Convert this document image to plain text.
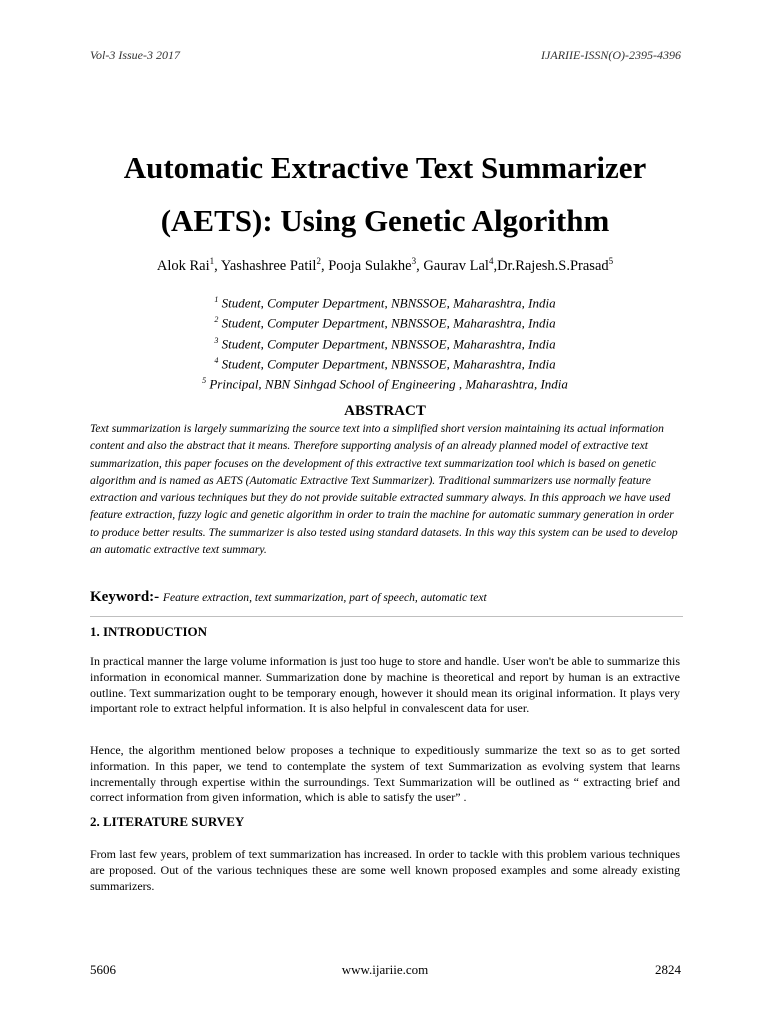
Vol-3 Issue-3 2017	IJARIIE-ISSN(O)-2395-4396
Automatic Extractive Text Summarizer
(AETS): Using Genetic Algorithm
Alok Rai$^1$, Yashashree Patil$^2$, Pooja Sulakhe$^3$, Gaurav Lal$^4$,Dr.Rajesh.S.Prasad$^5$
$^1$ Student, Computer Department, NBNSSOE, Maharashtra, India
$^2$ Student, Computer Department, NBNSSOE, Maharashtra, India
$^3$ Student, Computer Department, NBNSSOE, Maharashtra, India
$^4$ Student, Computer Department, NBNSSOE, Maharashtra, India
$^5$ Principal, NBN Sinhgad School of Engineering , Maharashtra, India
ABSTRACT
Text summarization is largely summarizing the source text into a simplified short version maintaining its actual information content and also the abstract that it means. Therefore supporting analysis of an already planned model of extractive text summarization, this paper focuses on the development of this extractive text summarization tool which is based on genetic algorithm and is named as AETS (Automatic Extractive Text Summarizer). Traditional summarizers use normally feature extraction and various techniques but they do not provide suitable extracted summary always. In this approach we have used feature extraction, fuzzy logic and genetic algorithm in order to train the machine for automatic summary generation in order to produce better results. The summarizer is also tested using standard datasets. In this way this system can be used to develop an automatic extractive text summary.
Keyword:- Feature extraction, text summarization, part of speech, automatic text
1. INTRODUCTION
In practical manner the large volume information is just too huge to store and handle. User won't be able to summarize this information in economical manner. Summarization done by machine is theoretical and report by human is an extractive outline. Text summarization ought to be temporary enough, however it should mean its original information. It plays very important role to extract helpful information. It is also helpful in convalescent data for user.
Hence, the algorithm mentioned below proposes a technique to expeditiously summarize the text so as to get sorted information. In this paper, we tend to contemplate the system of text Summarization as evolving system that learns incrementally through expertise within the surroundings. Text Summarization will be outlined as “ extracting brief and correct information from given information, which is able to satisfy the user” .
2. LITERATURE SURVEY
From last few years, problem of text summarization has increased. In order to tackle with this problem various techniques are proposed. Out of the various techniques these are some well known proposed examples and some already existing summarizers.
5606	www.ijariie.com	2824
